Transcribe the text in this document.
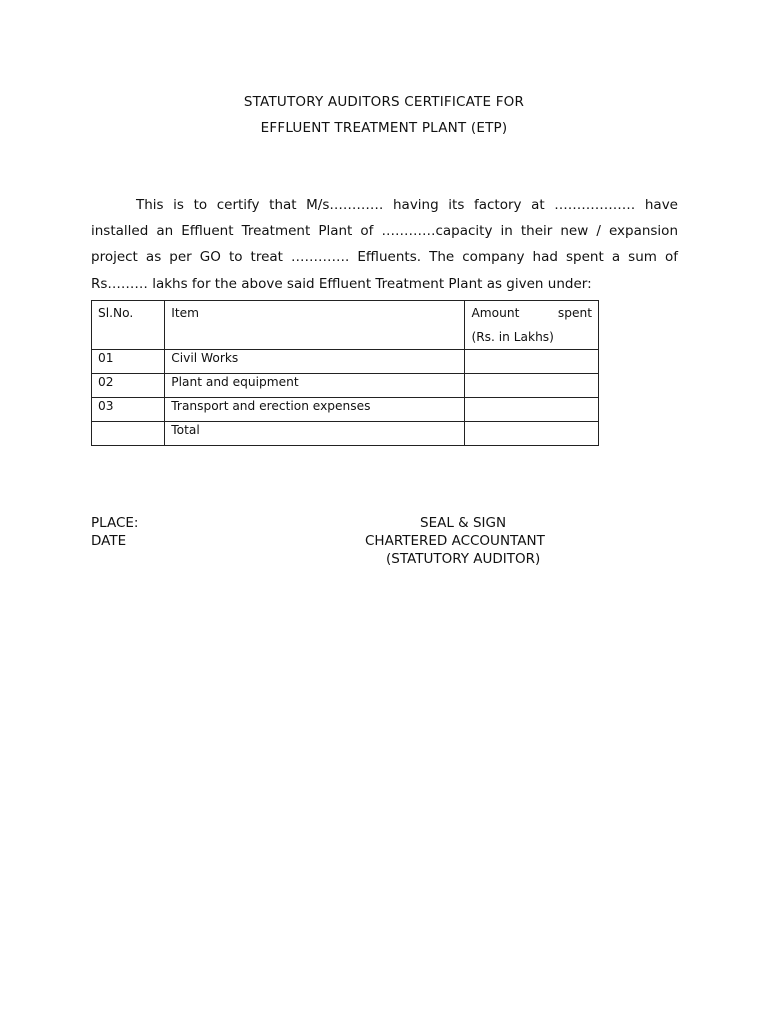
STATUTORY AUDITORS CERTIFICATE FOR
EFFLUENT TREATMENT PLANT (ETP)

This is to certify that M/s………… having its factory at ……………… have installed an Effluent Treatment Plant of …………capacity in their new / expansion project as per GO to treat …………. Effluents. The company had spent a sum of Rs……… lakhs for the above said Effluent Treatment Plant as given under:

Sl.No.	Item	Amount spent
(Rs. in Lakhs)

01	Civil Works	
02	Plant and equipment	
03	Transport and erection expenses	
	Total	
PLACE:
DATE
SEAL & SIGN
CHARTERED ACCOUNTANT
(STATUTORY AUDITOR)
